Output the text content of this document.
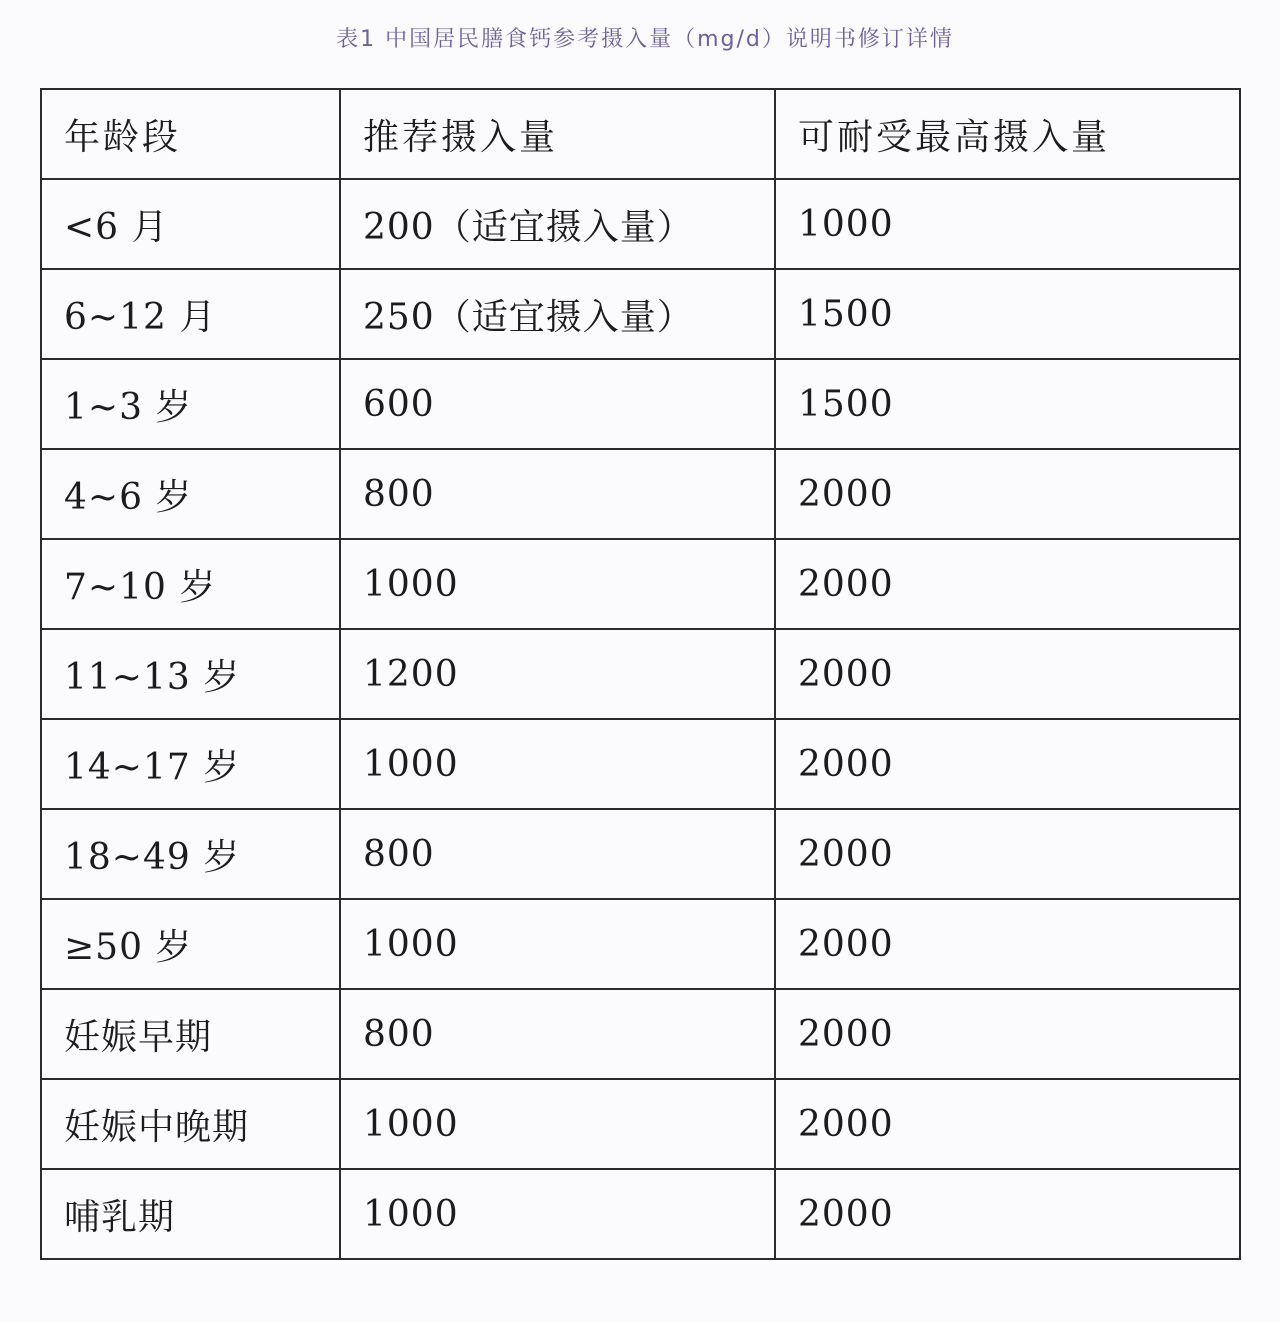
表1 中国居民膳食钙参考摄入量（mg/d）说明书修订详情
年龄段	推荐摄入量	可耐受最高摄入量
<6 月	200（适宜摄入量）	1000
6~12 月	250（适宜摄入量）	1500
1~3 岁	600	1500
4~6 岁	800	2000
7~10 岁	1000	2000
11~13 岁	1200	2000
14~17 岁	1000	2000
18~49 岁	800	2000
≥50 岁	1000	2000
妊娠早期	800	2000
妊娠中晚期	1000	2000
哺乳期	1000	2000
